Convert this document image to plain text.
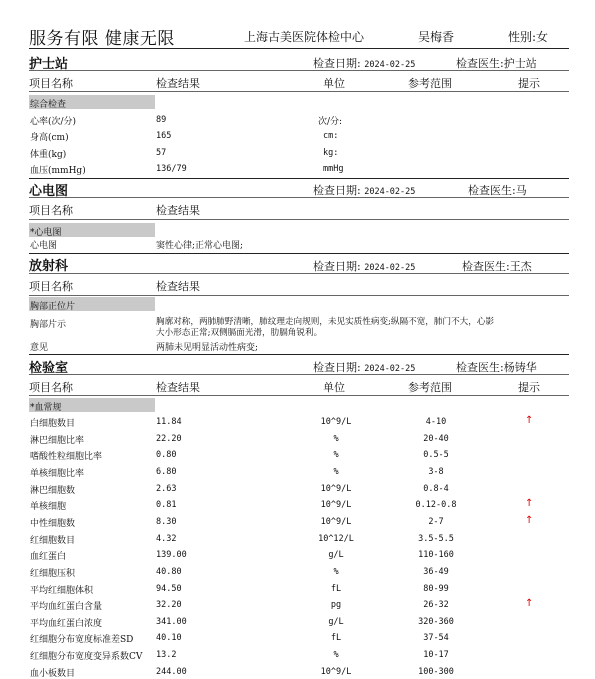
服务有限 健康无限	上海古美医院体检中心	吴梅香	性别:女
护士站	检查日期: 2024-02-25	检查医生:护士站
项目名称	检查结果	单位	参考范围	提示
综合检查
心率(次/分)	89	次/分:
身高(cm)	165	cm:
体重(kg)	57	kg:
血压(mmHg)	136/79	mmHg
心电图	检查日期: 2024-02-25	检查医生:马
项目名称	检查结果
*心电图
心电图	窦性心律;正常心电图;
放射科	检查日期: 2024-02-25	检查医生:王杰
项目名称	检查结果
胸部正位片
胸部片示	胸廓对称，两肺肺野清晰，肺纹理走向规则，未见实质性病变;纵隔不宽，肺门不大，心影
大小形态正常;双侧膈面光滑，肋膈角锐利。
意见	两肺未见明显活动性病变;
检验室	检查日期: 2024-02-25	检查医生:杨铸华
项目名称	检查结果	单位	参考范围	提示
*血常规
白细胞数目	11.84	10^9/L	4-10	↑
淋巴细胞比率	22.20	%	20-40
嗜酸性粒细胞比率	0.80	%	0.5-5
单核细胞比率	6.80	%	3-8
淋巴细胞数	2.63	10^9/L	0.8-4
单核细胞	0.81	10^9/L	0.12-0.8	↑
中性细胞数	8.30	10^9/L	2-7	↑
红细胞数目	4.32	10^12/L	3.5-5.5
血红蛋白	139.00	g/L	110-160
红细胞压积	40.80	%	36-49
平均红细胞体积	94.50	fL	80-99
平均血红蛋白含量	32.20	pg	26-32	↑
平均血红蛋白浓度	341.00	g/L	320-360
红细胞分布宽度标准差SD	40.10	fL	37-54
红细胞分布宽度变异系数CV 13.2	%	10-17
血小板数目	244.00	10^9/L	100-300
